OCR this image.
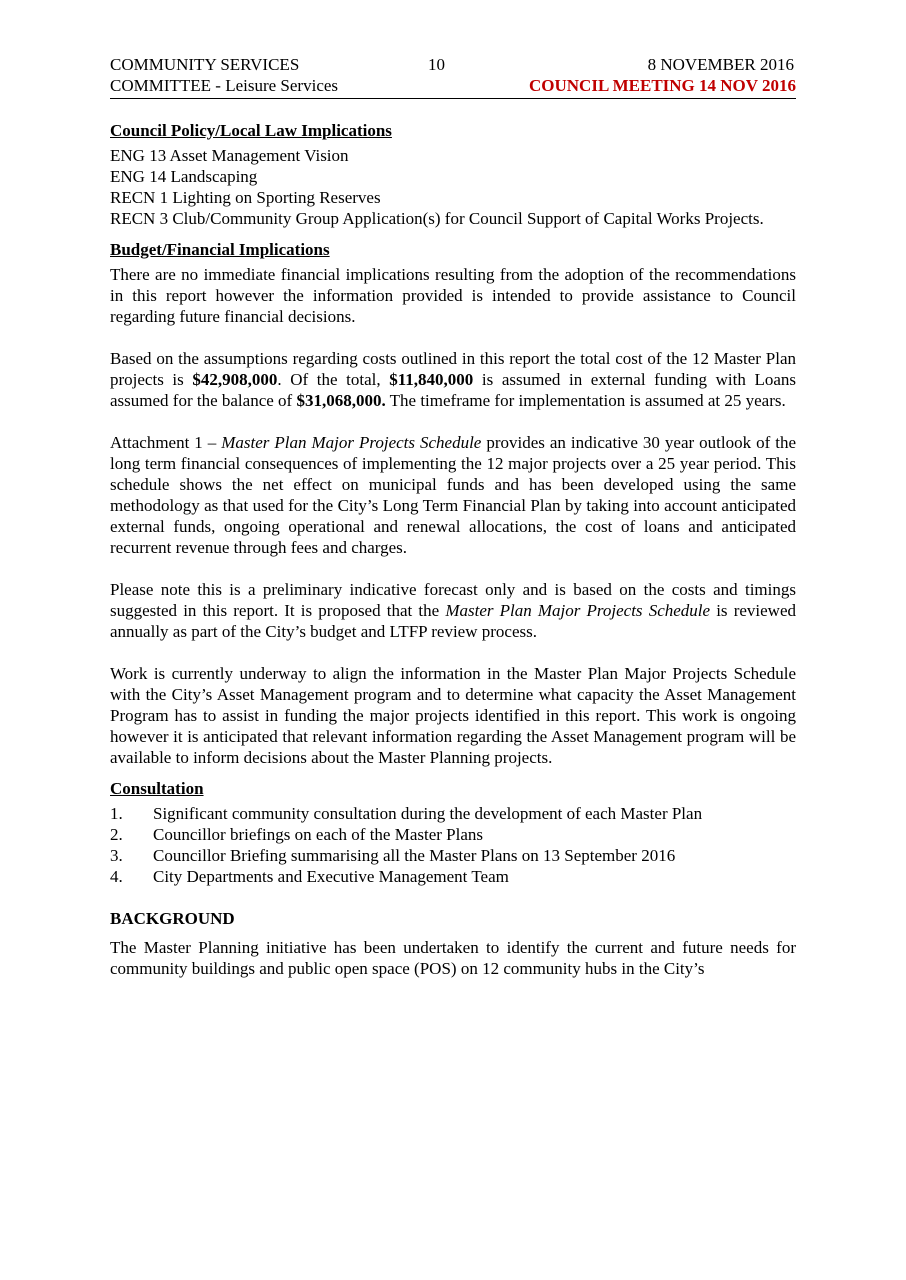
COMMUNITY SERVICES
COMMITTEE - Leisure Services
10	8 NOVEMBER 2016
COUNCIL MEETING 14 NOV 2016
Council Policy/Local Law Implications
ENG 13 Asset Management Vision
ENG 14 Landscaping
RECN 1 Lighting on Sporting Reserves

RECN 3 Club/Community Group Application(s) for Council Support of Capital Works Projects.

Budget/Financial Implications

There are no immediate financial implications resulting from the adoption of the recommendations in this report however the information provided is intended to provide assistance to Council regarding future financial decisions.

Based on the assumptions regarding costs outlined in this report the total cost of the 12 Master Plan projects is $42,908,000. Of the total, $11,840,000 is assumed in external funding with Loans assumed for the balance of $31,068,000. The timeframe for implementation is assumed at 25 years.

Attachment 1 – Master Plan Major Projects Schedule provides an indicative 30 year outlook of the long term financial consequences of implementing the 12 major projects over a 25 year period. This schedule shows the net effect on municipal funds and has been developed using the same methodology as that used for the City’s Long Term Financial Plan by taking into account anticipated external funds, ongoing operational and renewal allocations, the cost of loans and anticipated recurrent revenue through fees and charges.

Please note this is a preliminary indicative forecast only and is based on the costs and timings suggested in this report. It is proposed that the Master Plan Major Projects Schedule is reviewed annually as part of the City’s budget and LTFP review process.

Work is currently underway to align the information in the Master Plan Major Projects Schedule with the City’s Asset Management program and to determine what capacity the Asset Management Program has to assist in funding the major projects identified in this report. This work is ongoing however it is anticipated that relevant information regarding the Asset Management program will be available to inform decisions about the Master Planning projects.

Consultation
1.	Significant community consultation during the development of each Master Plan
2.	Councillor briefings on each of the Master Plans
3.	Councillor Briefing summarising all the Master Plans on 13 September 2016
4.	City Departments and Executive Management Team
BACKGROUND

The Master Planning initiative has been undertaken to identify the current and future needs for community buildings and public open space (POS) on 12 community hubs in the City’s
